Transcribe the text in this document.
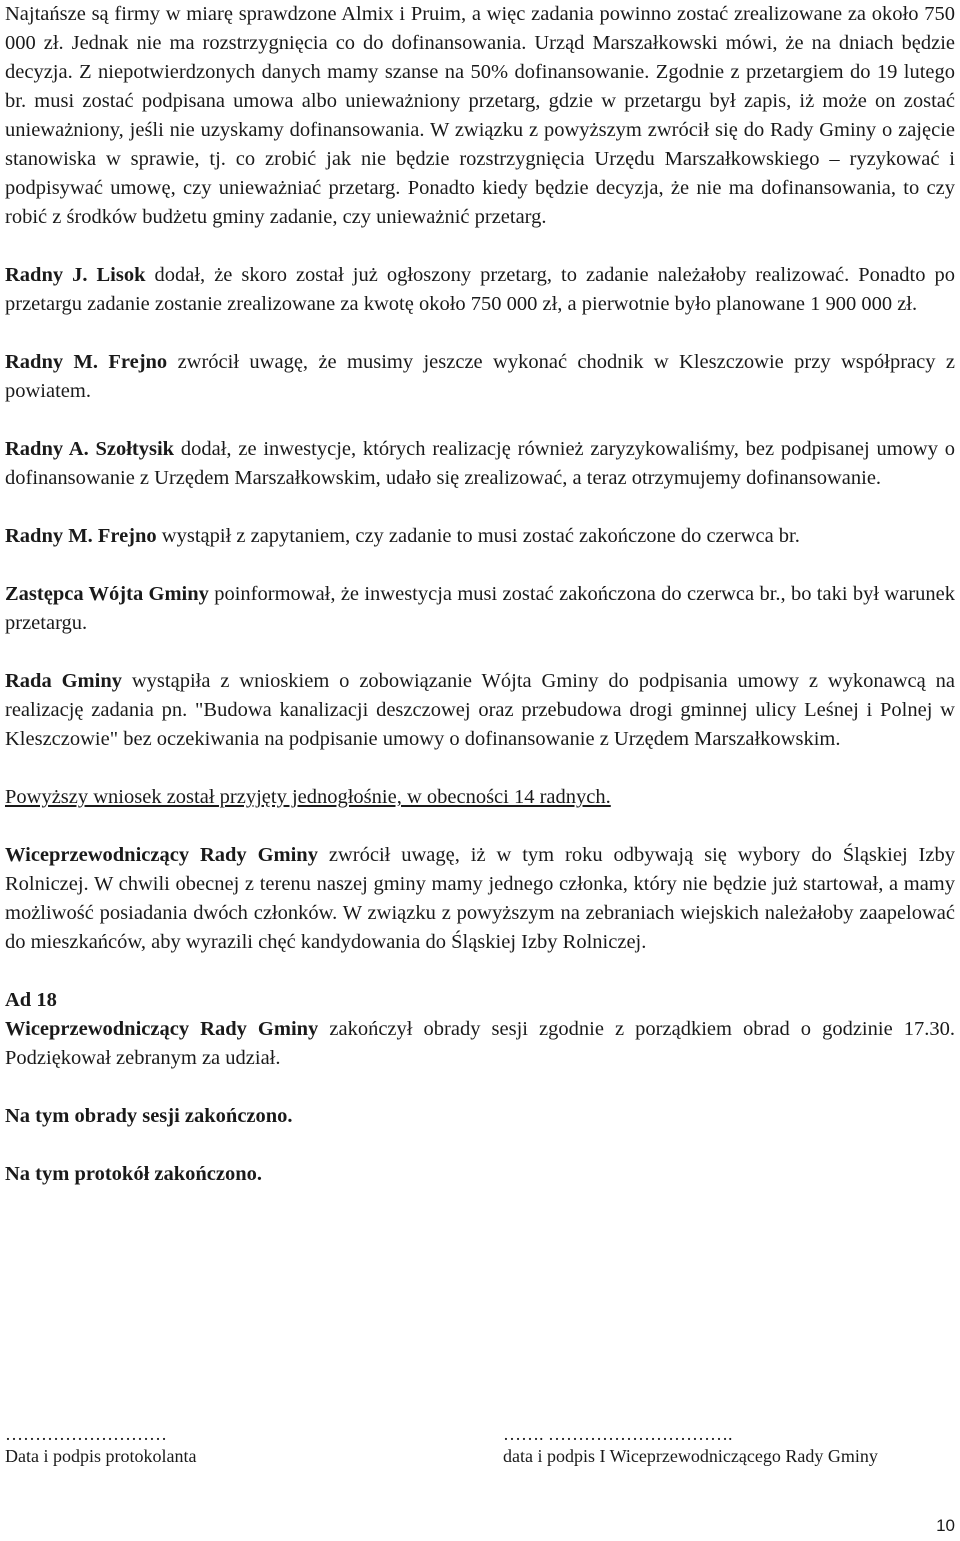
Najtańsze są firmy w miarę sprawdzone Almix i Pruim, a więc zadania powinno zostać zrealizowane za około 750 000 zł. Jednak nie ma rozstrzygnięcia co do dofinansowania. Urząd Marszałkowski mówi, że na dniach będzie decyzja. Z niepotwierdzonych danych mamy szanse na 50% dofinansowanie. Zgodnie z przetargiem do 19 lutego br. musi zostać podpisana umowa albo unieważniony przetarg, gdzie w przetargu był zapis, iż może on zostać unieważniony, jeśli nie uzyskamy dofinansowania. W związku z powyższym zwrócił się do Rady Gminy o zajęcie stanowiska w sprawie, tj. co zrobić jak nie będzie rozstrzygnięcia Urzędu Marszałkowskiego – ryzykować i podpisywać umowę, czy unieważniać przetarg. Ponadto kiedy będzie decyzja, że nie ma dofinansowania, to czy robić z środków budżetu gminy zadanie, czy unieważnić przetarg.

Radny J. Lisok dodał, że skoro został już ogłoszony przetarg, to zadanie należałoby realizować. Ponadto po przetargu zadanie zostanie zrealizowane za kwotę około 750 000 zł, a pierwotnie było planowane 1 900 000 zł.

Radny M. Frejno zwrócił uwagę, że musimy jeszcze wykonać chodnik w Kleszczowie przy współpracy z powiatem.

Radny A. Szołtysik dodał, ze inwestycje, których realizację również zaryzykowaliśmy, bez podpisanej umowy o dofinansowanie z Urzędem Marszałkowskim, udało się zrealizować, a teraz otrzymujemy dofinansowanie.

Radny M. Frejno wystąpił z zapytaniem, czy zadanie to musi zostać zakończone do czerwca br.

Zastępca Wójta Gminy poinformował, że inwestycja musi zostać zakończona do czerwca br., bo taki był warunek przetargu.

Rada Gminy wystąpiła z wnioskiem o zobowiązanie Wójta Gminy do podpisania umowy z wykonawcą na realizację zadania pn. "Budowa kanalizacji deszczowej oraz przebudowa drogi gminnej ulicy Leśnej i Polnej w Kleszczowie" bez oczekiwania na podpisanie umowy o dofinansowanie z Urzędem Marszałkowskim.

Powyższy wniosek został przyjęty jednogłośnie, w obecności 14 radnych.

Wiceprzewodniczący Rady Gminy zwrócił uwagę, iż w tym roku odbywają się wybory do Śląskiej Izby Rolniczej. W chwili obecnej z terenu naszej gminy mamy jednego członka, który nie będzie już startował, a mamy możliwość posiadania dwóch członków. W związku z powyższym na zebraniach wiejskich należałoby zaapelować do mieszkańców, aby wyrazili chęć kandydowania do Śląskiej Izby Rolniczej.

Ad 18

Wiceprzewodniczący Rady Gminy zakończył obrady sesji zgodnie z porządkiem obrad o godzinie 17.30. Podziękował zebranym za udział.

Na tym obrady sesji zakończono.

Na tym protokół zakończono.

………………………
Data i podpis protokolanta
……. ………………………….
data i podpis I Wiceprzewodniczącego Rady Gminy
10
